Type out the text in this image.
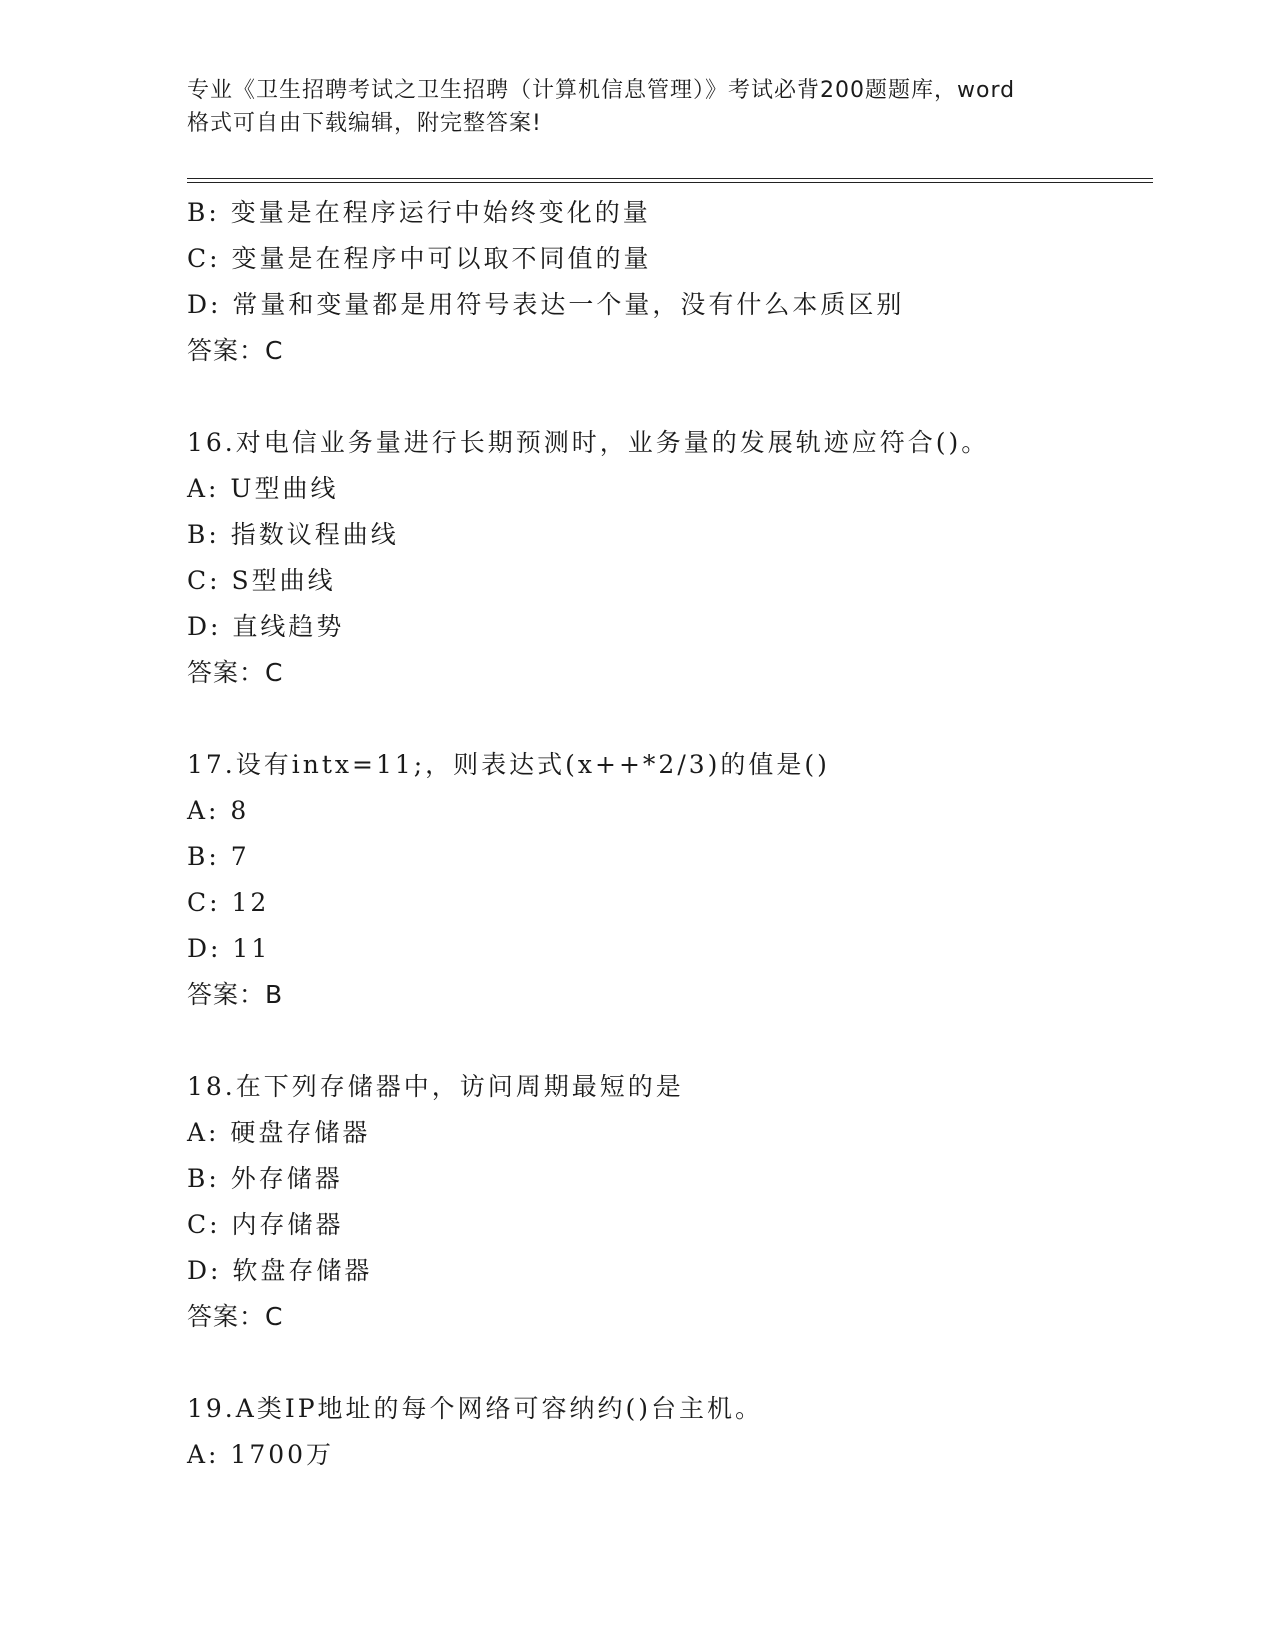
专业《卫生招聘考试之卫生招聘（计算机信息管理）》考试必背200题题库，word
格式可自由下载编辑，附完整答案!
B: 变量是在程序运行中始终变化的量
C: 变量是在程序中可以取不同值的量
D: 常量和变量都是用符号表达一个量，没有什么本质区别
答案：C
16.对电信业务量进行长期预测时，业务量的发展轨迹应符合()。
A: U型曲线
B: 指数议程曲线
C: S型曲线
D: 直线趋势
答案：C
17.设有intx=11;，则表达式(x++*2/3)的值是()
A: 8
B: 7
C: 12
D: 11
答案：B
18.在下列存储器中，访问周期最短的是
A: 硬盘存储器
B: 外存储器
C: 内存储器
D: 软盘存储器
答案：C
19.A类IP地址的每个网络可容纳约()台主机。
A: 1700万
